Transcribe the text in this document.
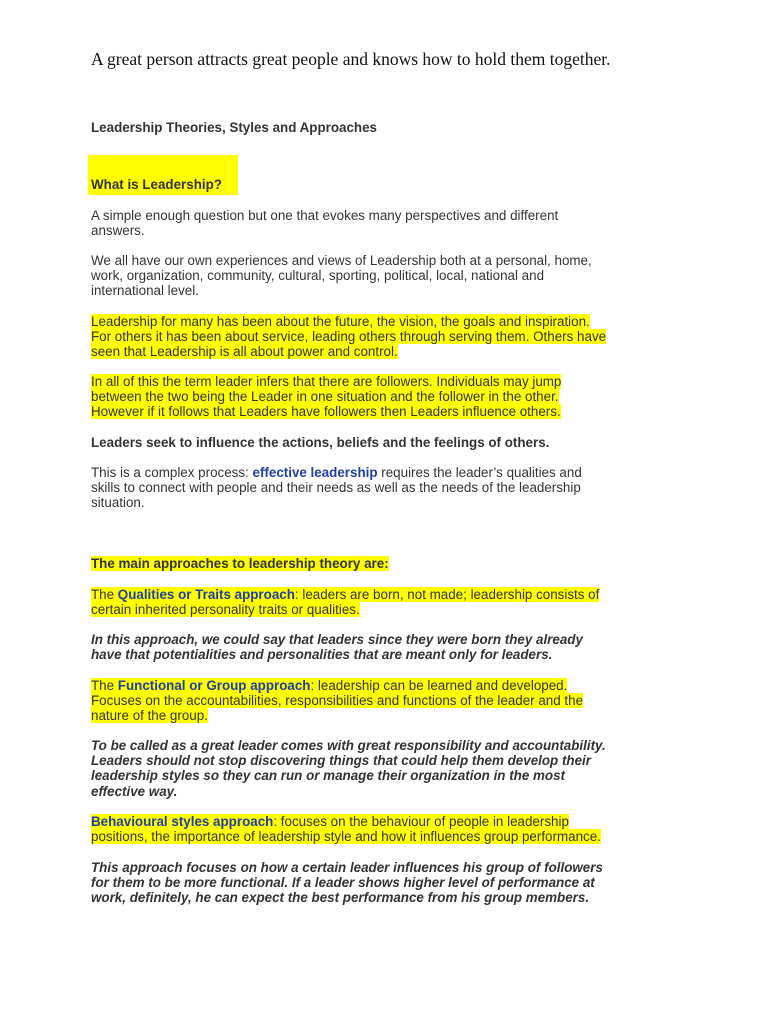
A great person attracts great people and knows how to hold them together.
Leadership Theories, Styles and Approaches
What is Leadership?
A simple enough question but one that evokes many perspectives and different
answers.
We all have our own experiences and views of Leadership both at a personal, home,
work, organization, community, cultural, sporting, political, local, national and
international level.
Leadership for many has been about the future, the vision, the goals and inspiration.
For others it has been about service, leading others through serving them. Others have
seen that Leadership is all about power and control.
In all of this the term leader infers that there are followers. Individuals may jump
between the two being the Leader in one situation and the follower in the other.
However if it follows that Leaders have followers then Leaders influence others.
Leaders seek to influence the actions, beliefs and the feelings of others.
This is a complex process: effective leadership requires the leader’s qualities and
skills to connect with people and their needs as well as the needs of the leadership
situation.
The main approaches to leadership theory are:
The Qualities or Traits approach: leaders are born, not made; leadership consists of
certain inherited personality traits or qualities.
In this approach, we could say that leaders since they were born they already
have that potentialities and personalities that are meant only for leaders.
The Functional or Group approach: leadership can be learned and developed.
Focuses on the accountabilities, responsibilities and functions of the leader and the
nature of the group.
To be called as a great leader comes with great responsibility and accountability.
Leaders should not stop discovering things that could help them develop their
leadership styles so they can run or manage their organization in the most
effective way.
Behavioural styles approach: focuses on the behaviour of people in leadership
positions, the importance of leadership style and how it influences group performance.
This approach focuses on how a certain leader influences his group of followers
for them to be more functional. If a leader shows higher level of performance at
work, definitely, he can expect the best performance from his group members.
